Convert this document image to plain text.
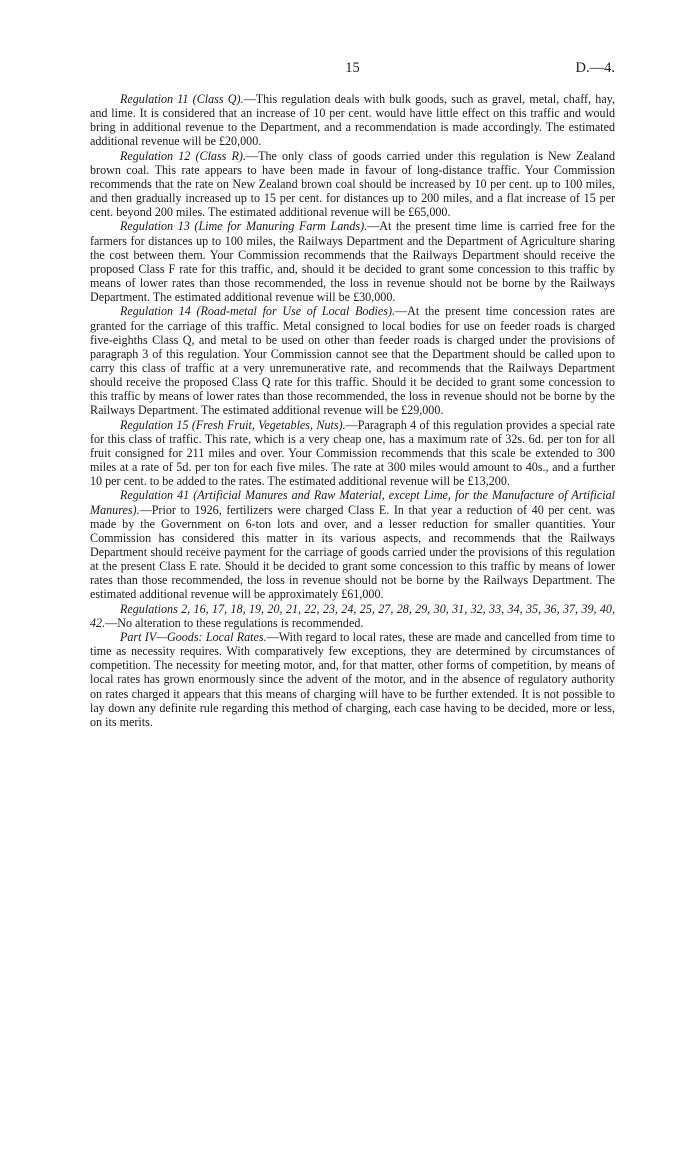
15	D.—4.

Regulation 11 (Class Q).—This regulation deals with bulk goods, such as gravel, metal, chaff, hay, and lime. It is considered that an increase of 10 per cent. would have little effect on this traffic and would bring in additional revenue to the Department, and a recommendation is made accordingly. The estimated additional revenue will be £20,000.

Regulation 12 (Class R).—The only class of goods carried under this regulation is New Zealand brown coal. This rate appears to have been made in favour of long-distance traffic. Your Commission recommends that the rate on New Zealand brown coal should be increased by 10 per cent. up to 100 miles, and then gradually increased up to 15 per cent. for distances up to 200 miles, and a flat increase of 15 per cent. beyond 200 miles. The estimated additional revenue will be £65,000.

Regulation 13 (Lime for Manuring Farm Lands).—At the present time lime is carried free for the farmers for distances up to 100 miles, the Railways Department and the Department of Agriculture sharing the cost between them. Your Commission recommends that the Railways Department should receive the proposed Class F rate for this traffic, and, should it be decided to grant some concession to this traffic by means of lower rates than those recommended, the loss in revenue should not be borne by the Railways Department. The estimated additional revenue will be £30,000.

Regulation 14 (Road-metal for Use of Local Bodies).—At the present time concession rates are granted for the carriage of this traffic. Metal consigned to local bodies for use on feeder roads is charged five-eighths Class Q, and metal to be used on other than feeder roads is charged under the provisions of paragraph 3 of this regulation. Your Commission cannot see that the Department should be called upon to carry this class of traffic at a very unremunerative rate, and recommends that the Railways Department should receive the proposed Class Q rate for this traffic. Should it be decided to grant some concession to this traffic by means of lower rates than those recommended, the loss in revenue should not be borne by the Railways Department. The estimated additional revenue will be £29,000.

Regulation 15 (Fresh Fruit, Vegetables, Nuts).—Paragraph 4 of this regulation provides a special rate for this class of traffic. This rate, which is a very cheap one, has a maximum rate of 32s. 6d. per ton for all fruit consigned for 211 miles and over. Your Commission recommends that this scale be extended to 300 miles at a rate of 5d. per ton for each five miles. The rate at 300 miles would amount to 40s., and a further 10 per cent. to be added to the rates. The estimated additional revenue will be £13,200.

Regulation 41 (Artificial Manures and Raw Material, except Lime, for the Manufacture of Artificial Manures).—Prior to 1926, fertilizers were charged Class E. In that year a reduction of 40 per cent. was made by the Government on 6-ton lots and over, and a lesser reduction for smaller quantities. Your Commission has considered this matter in its various aspects, and recommends that the Railways Department should receive payment for the carriage of goods carried under the provisions of this regulation at the present Class E rate. Should it be decided to grant some concession to this traffic by means of lower rates than those recommended, the loss in revenue should not be borne by the Railways Department. The estimated additional revenue will be approximately £61,000.

Regulations 2, 16, 17, 18, 19, 20, 21, 22, 23, 24, 25, 27, 28, 29, 30, 31, 32, 33, 34, 35, 36, 37, 39, 40, 42.—No alteration to these regulations is recommended.

Part IV—Goods: Local Rates.—With regard to local rates, these are made and cancelled from time to time as necessity requires. With comparatively few exceptions, they are determined by circumstances of competition. The necessity for meeting motor, and, for that matter, other forms of competition, by means of local rates has grown enormously since the advent of the motor, and in the absence of regulatory authority on rates charged it appears that this means of charging will have to be further extended. It is not possible to lay down any definite rule regarding this method of charging, each case having to be decided, more or less, on its merits.
